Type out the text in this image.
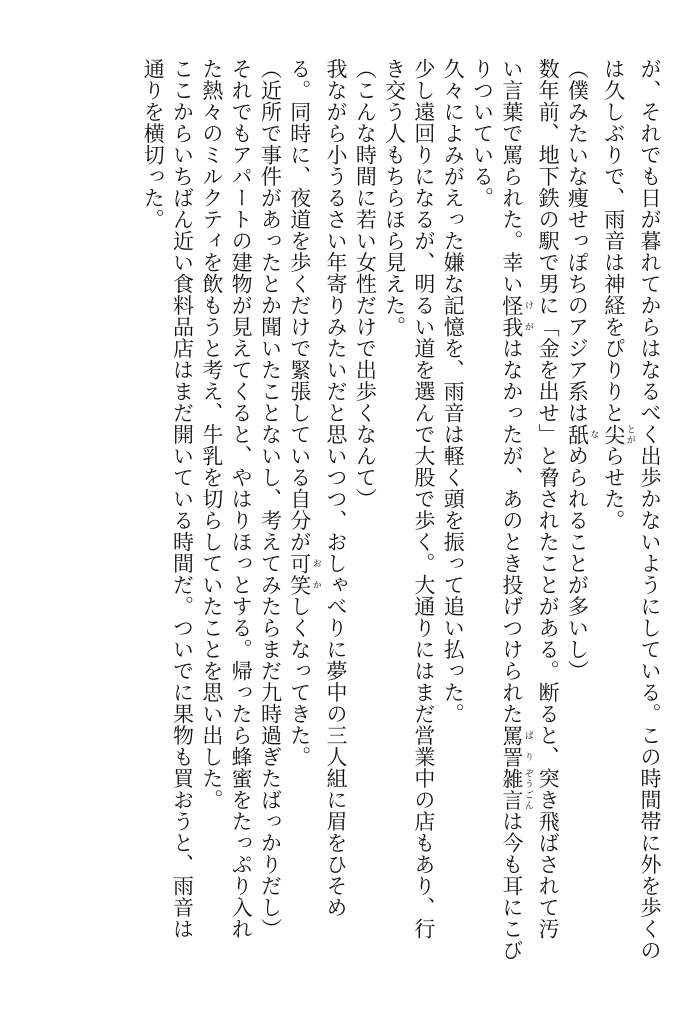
が、それでも日が暮れてからはなるべく出歩かないようにしている。この時間帯に外を歩くの
は久しぶりで、雨音は神経をぴりりと尖 とがらせた。
（僕みたいな痩せっぽちのアジア系は舐 なめられることが多いし）
数年前、地下鉄の駅で男に「金を出せ」と脅されたことがある。断ると、突き飛ばされて汚
い言葉で罵られた。幸い怪我 けがはなかったが、あのとき投げつけられた罵詈 ばり雑言 ぞうごんは今も耳にこび
りついている。
久々によみがえった嫌な記憶を、雨音は軽く頭を振って追い払った。
少し遠回りになるが、明るい道を選んで大股で歩く。大通りにはまだ営業中の店もあり、行
き交う人もちらほら見えた。
（こんな時間に若い女性だけで出歩くなんて）
我ながら小うるさい年寄りみたいだと思いつつ、おしゃべりに夢中の三人組に眉をひそめ
る。同時に、夜道を歩くだけで緊張している自分が可笑 おかしくなってきた。
（近所で事件があったとか聞いたことないし、考えてみたらまだ九時過ぎたばっかりだし）
それでもアパートの建物が見えてくると、やはりほっとする。帰ったら蜂蜜をたっぷり入れ
た熱々のミルクティを飲もうと考え、牛乳を切らしていたことを思い出した。
ここからいちばん近い食料品店はまだ開いている時間だ。ついでに果物も買おうと、雨音は
通りを横切った。
